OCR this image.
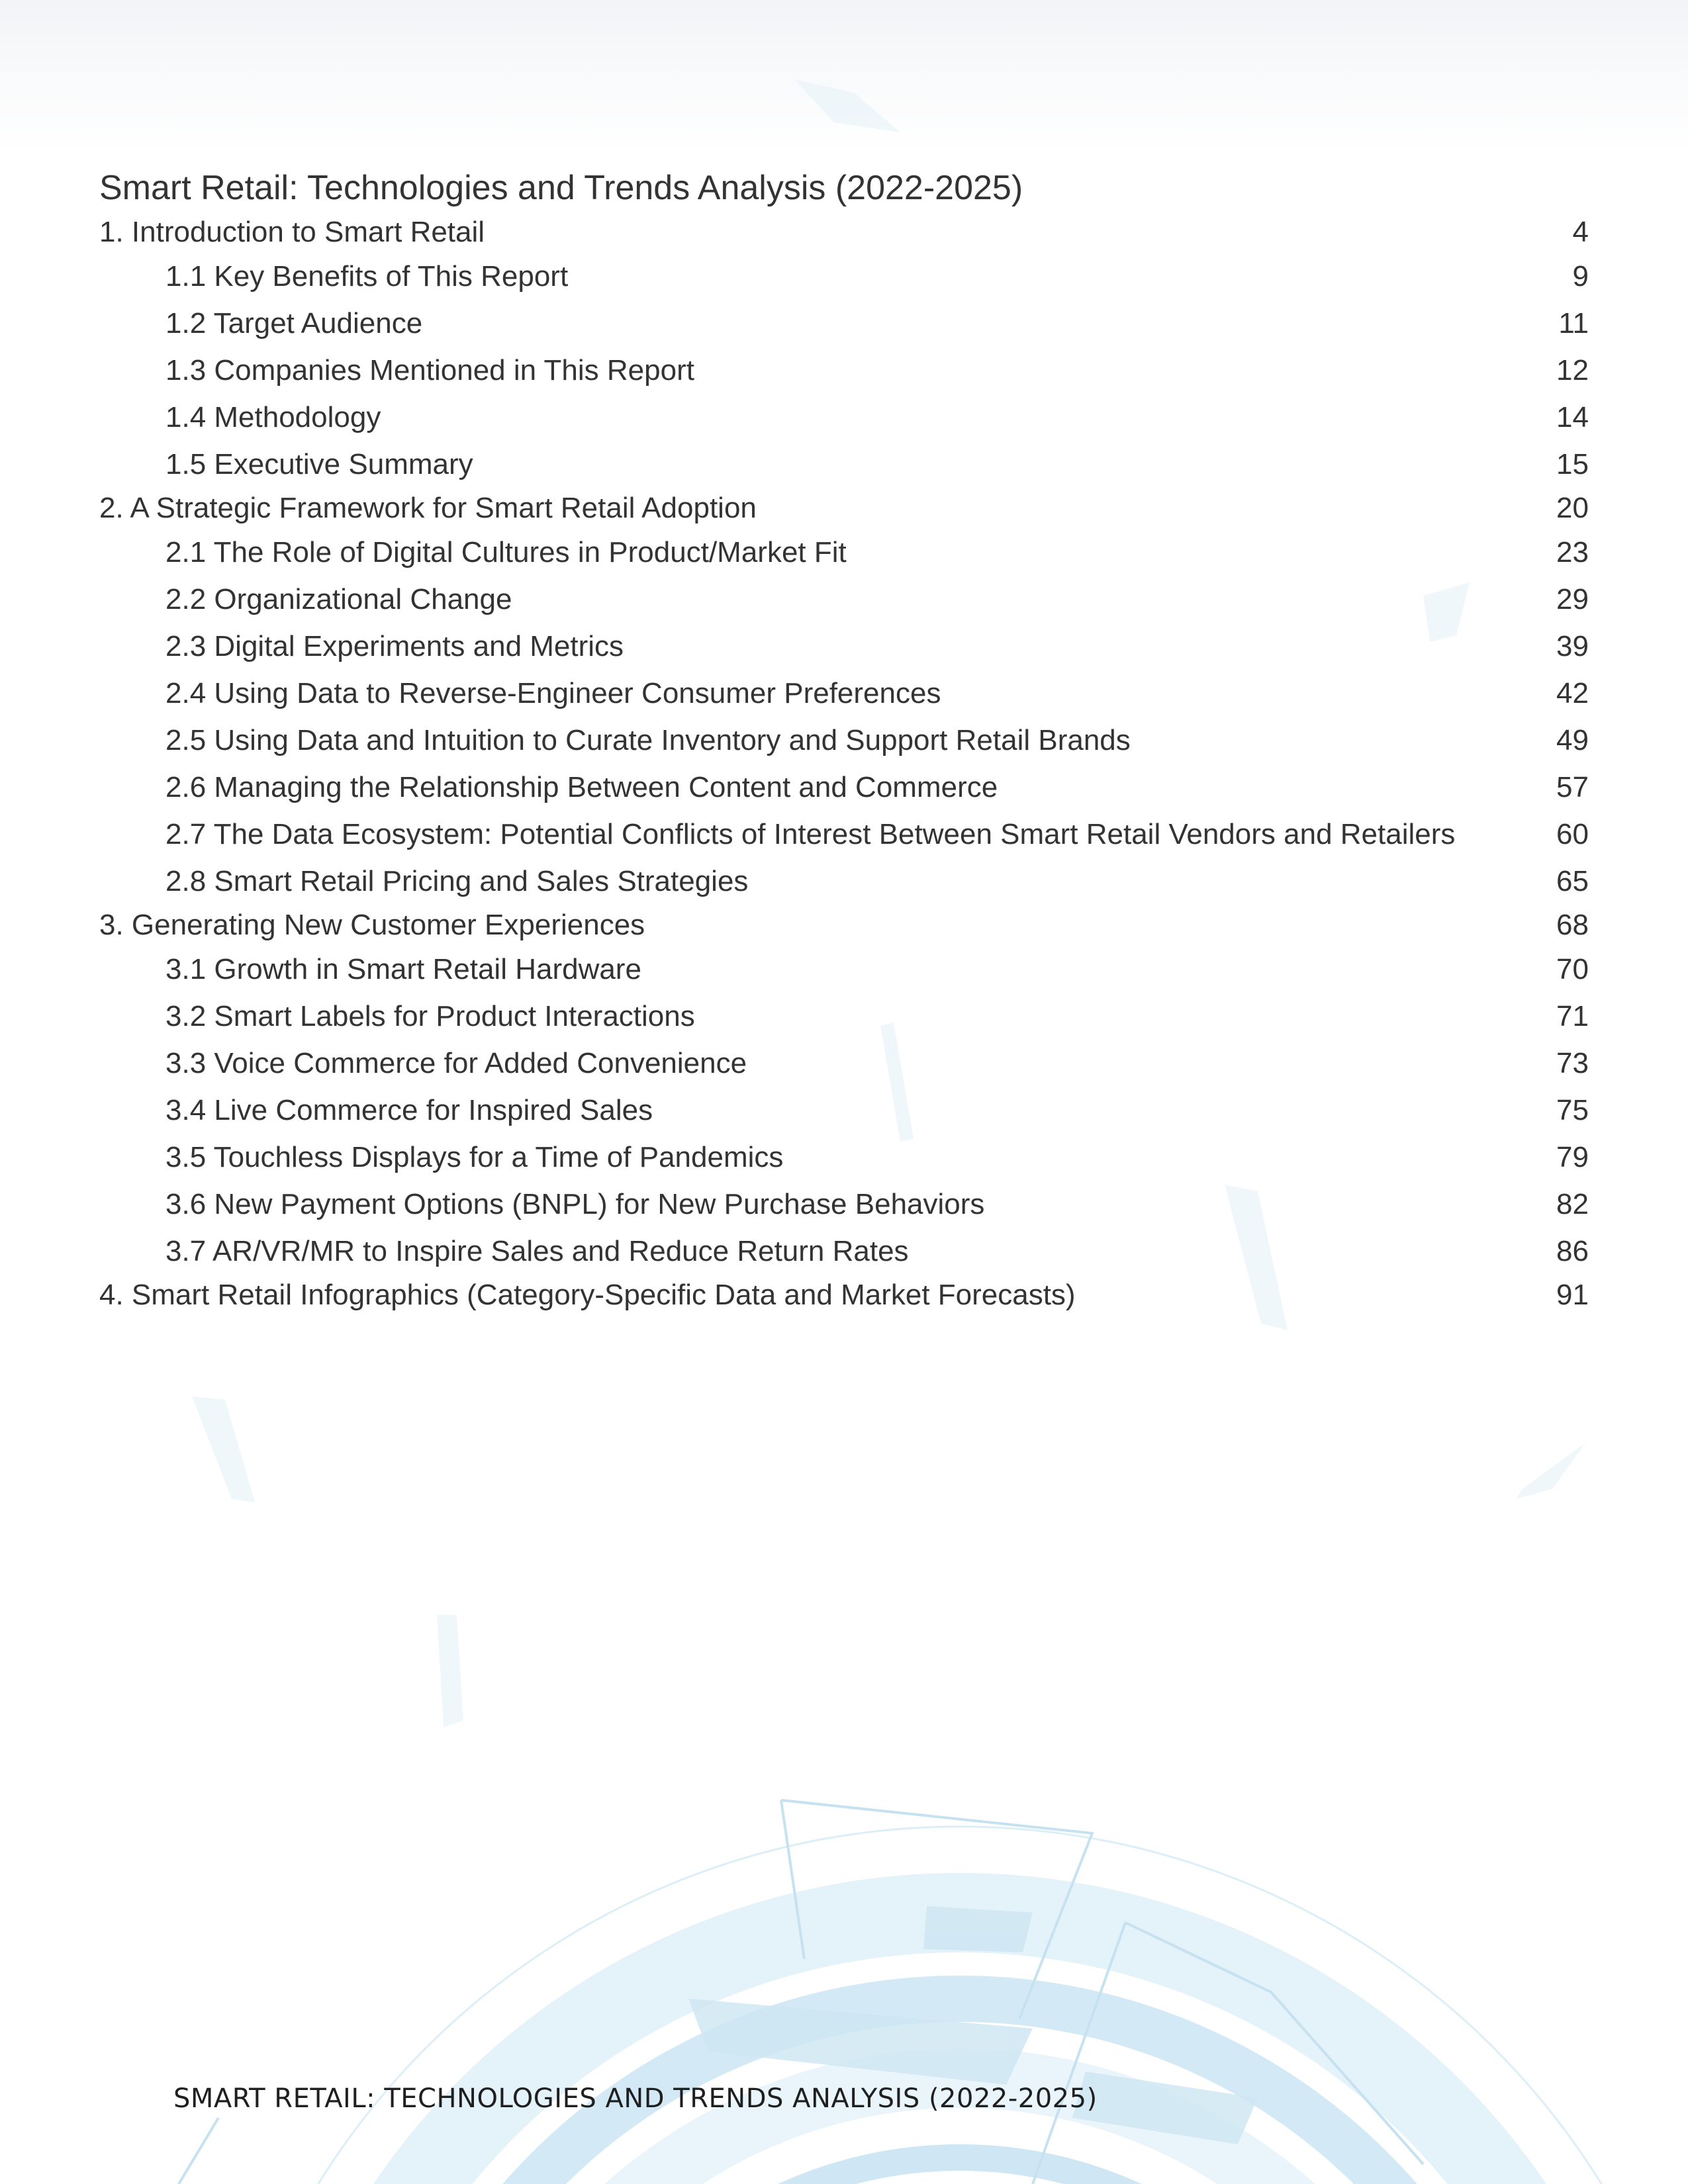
Smart Retail: Technologies and Trends Analysis (2022-2025)
1. Introduction to Smart Retail	4
1.1 Key Benefits of This Report	9
1.2 Target Audience	11
1.3 Companies Mentioned in This Report	12
1.4 Methodology	14
1.5 Executive Summary	15
2. A Strategic Framework for Smart Retail Adoption	20
2.1 The Role of Digital Cultures in Product/Market Fit	23
2.2 Organizational Change	29
2.3 Digital Experiments and Metrics	39
2.4 Using Data to Reverse-Engineer Consumer Preferences	42
2.5 Using Data and Intuition to Curate Inventory and Support Retail Brands	49
2.6 Managing the Relationship Between Content and Commerce	57
2.7 The Data Ecosystem: Potential Conflicts of Interest Between Smart Retail Vendors and Retailers	60
2.8 Smart Retail Pricing and Sales Strategies	65
3. Generating New Customer Experiences	68
3.1 Growth in Smart Retail Hardware	70
3.2 Smart Labels for Product Interactions	71
3.3 Voice Commerce for Added Convenience	73
3.4 Live Commerce for Inspired Sales	75
3.5 Touchless Displays for a Time of Pandemics	79
3.6 New Payment Options (BNPL) for New Purchase Behaviors	82
3.7 AR/VR/MR to Inspire Sales and Reduce Return Rates	86
4. Smart Retail Infographics (Category-Specific Data and Market Forecasts)	91
SMART RETAIL: TECHNOLOGIES AND TRENDS ANALYSIS (2022-2025)
